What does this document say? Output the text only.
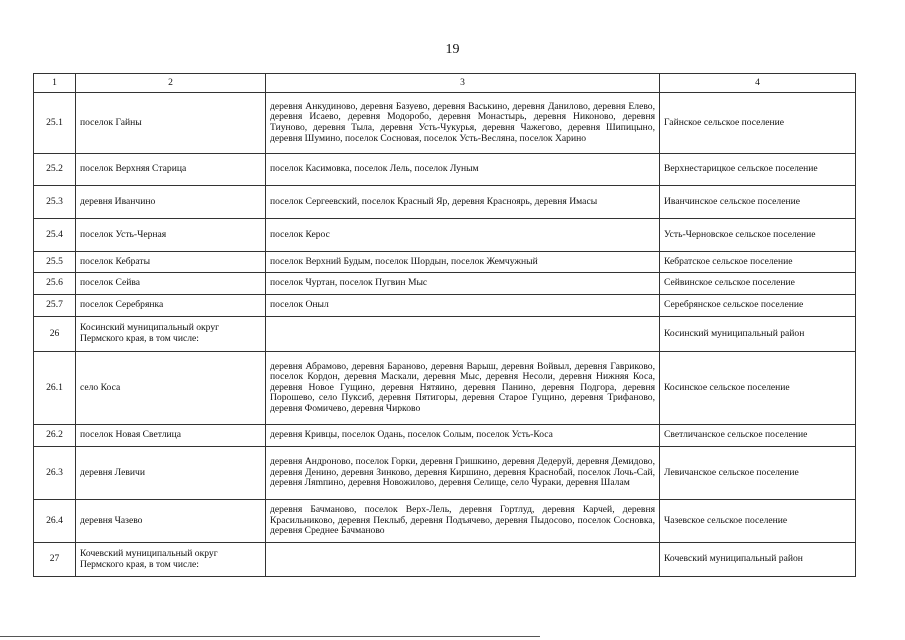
19
1	2	3	4
25.1	поселок Гайны	деревня Анкудиново, деревня Базуево, деревня Васькино, деревня Данилово, деревня Елево, деревня Исаево, деревня Модоробо, деревня Монастырь, деревня Никоново, деревня Тиуново, деревня Тыла, деревня Усть-Чукурья, деревня Чажегово, деревня Шипицыно, деревня Шумино, поселок Сосновая, поселок Усть-Весляна, поселок Харино	Гайнское сельское поселение
25.2	поселок Верхняя Старица	поселок Касимовка, поселок Лель, поселок Луным	Верхнестарицкое сельское поселение
25.3	деревня Иванчино	поселок Сергеевский, поселок Красный Яр, деревня Красноярь, деревня Имасы	Иванчинское сельское поселение
25.4	поселок Усть-Черная	поселок Керос	Усть-Черновское сельское поселение
25.5	поселок Кебраты	поселок Верхний Будым, поселок Шордын, поселок Жемчужный	Кебратское сельское поселение
25.6	поселок Сейва	поселок Чуртан, поселок Пугвин Мыс	Сейвинское сельское поселение
25.7	поселок Серебрянка	поселок Оныл	Серебрянское сельское поселение
26	Косинский муниципальный округ Пермского края, в том числе:		Косинский муниципальный район
26.1	село Коса	деревня Абрамово, деревня Бараново, деревня Варыш, деревня Войвыл, деревня Гавриково, поселок Кордон, деревня Маскали, деревня Мыс, деревня Несоли, деревня Нижняя Коса, деревня Новое Гущино, деревня Нятяино, деревня Панино, деревня Подгора, деревня Порошево, село Пуксиб, деревня Пятигоры, деревня Старое Гущино, деревня Трифаново, деревня Фомичево, деревня Чирково	Косинское сельское поселение
26.2	поселок Новая Светлица	деревня Кривцы, поселок Одань, поселок Солым, поселок Усть-Коса	Светличанское сельское поселение
26.3	деревня Левичи	деревня Андроново, поселок Горки, деревня Гришкино, деревня Дедеруй, деревня Демидово, деревня Денино, деревня Зинково, деревня Киршино, деревня Краснобай, поселок Лочь-Сай, деревня Ляmпино, деревня Новожилово, деревня Селище, село Чураки, деревня Шалам	Левичанское сельское поселение
26.4	деревня Чазево	деревня Бачманово, поселок Верх-Лель, деревня Гортлуд, деревня Карчей, деревня Красильниково, деревня Пеклыб, деревня Подъячево, деревня Пыдосово, поселок Сосновка, деревня Среднее Бачманово	Чазевское сельское поселение
27	Кочевский муниципальный округ Пермского края, в том числе:		Кочевский муниципальный район
